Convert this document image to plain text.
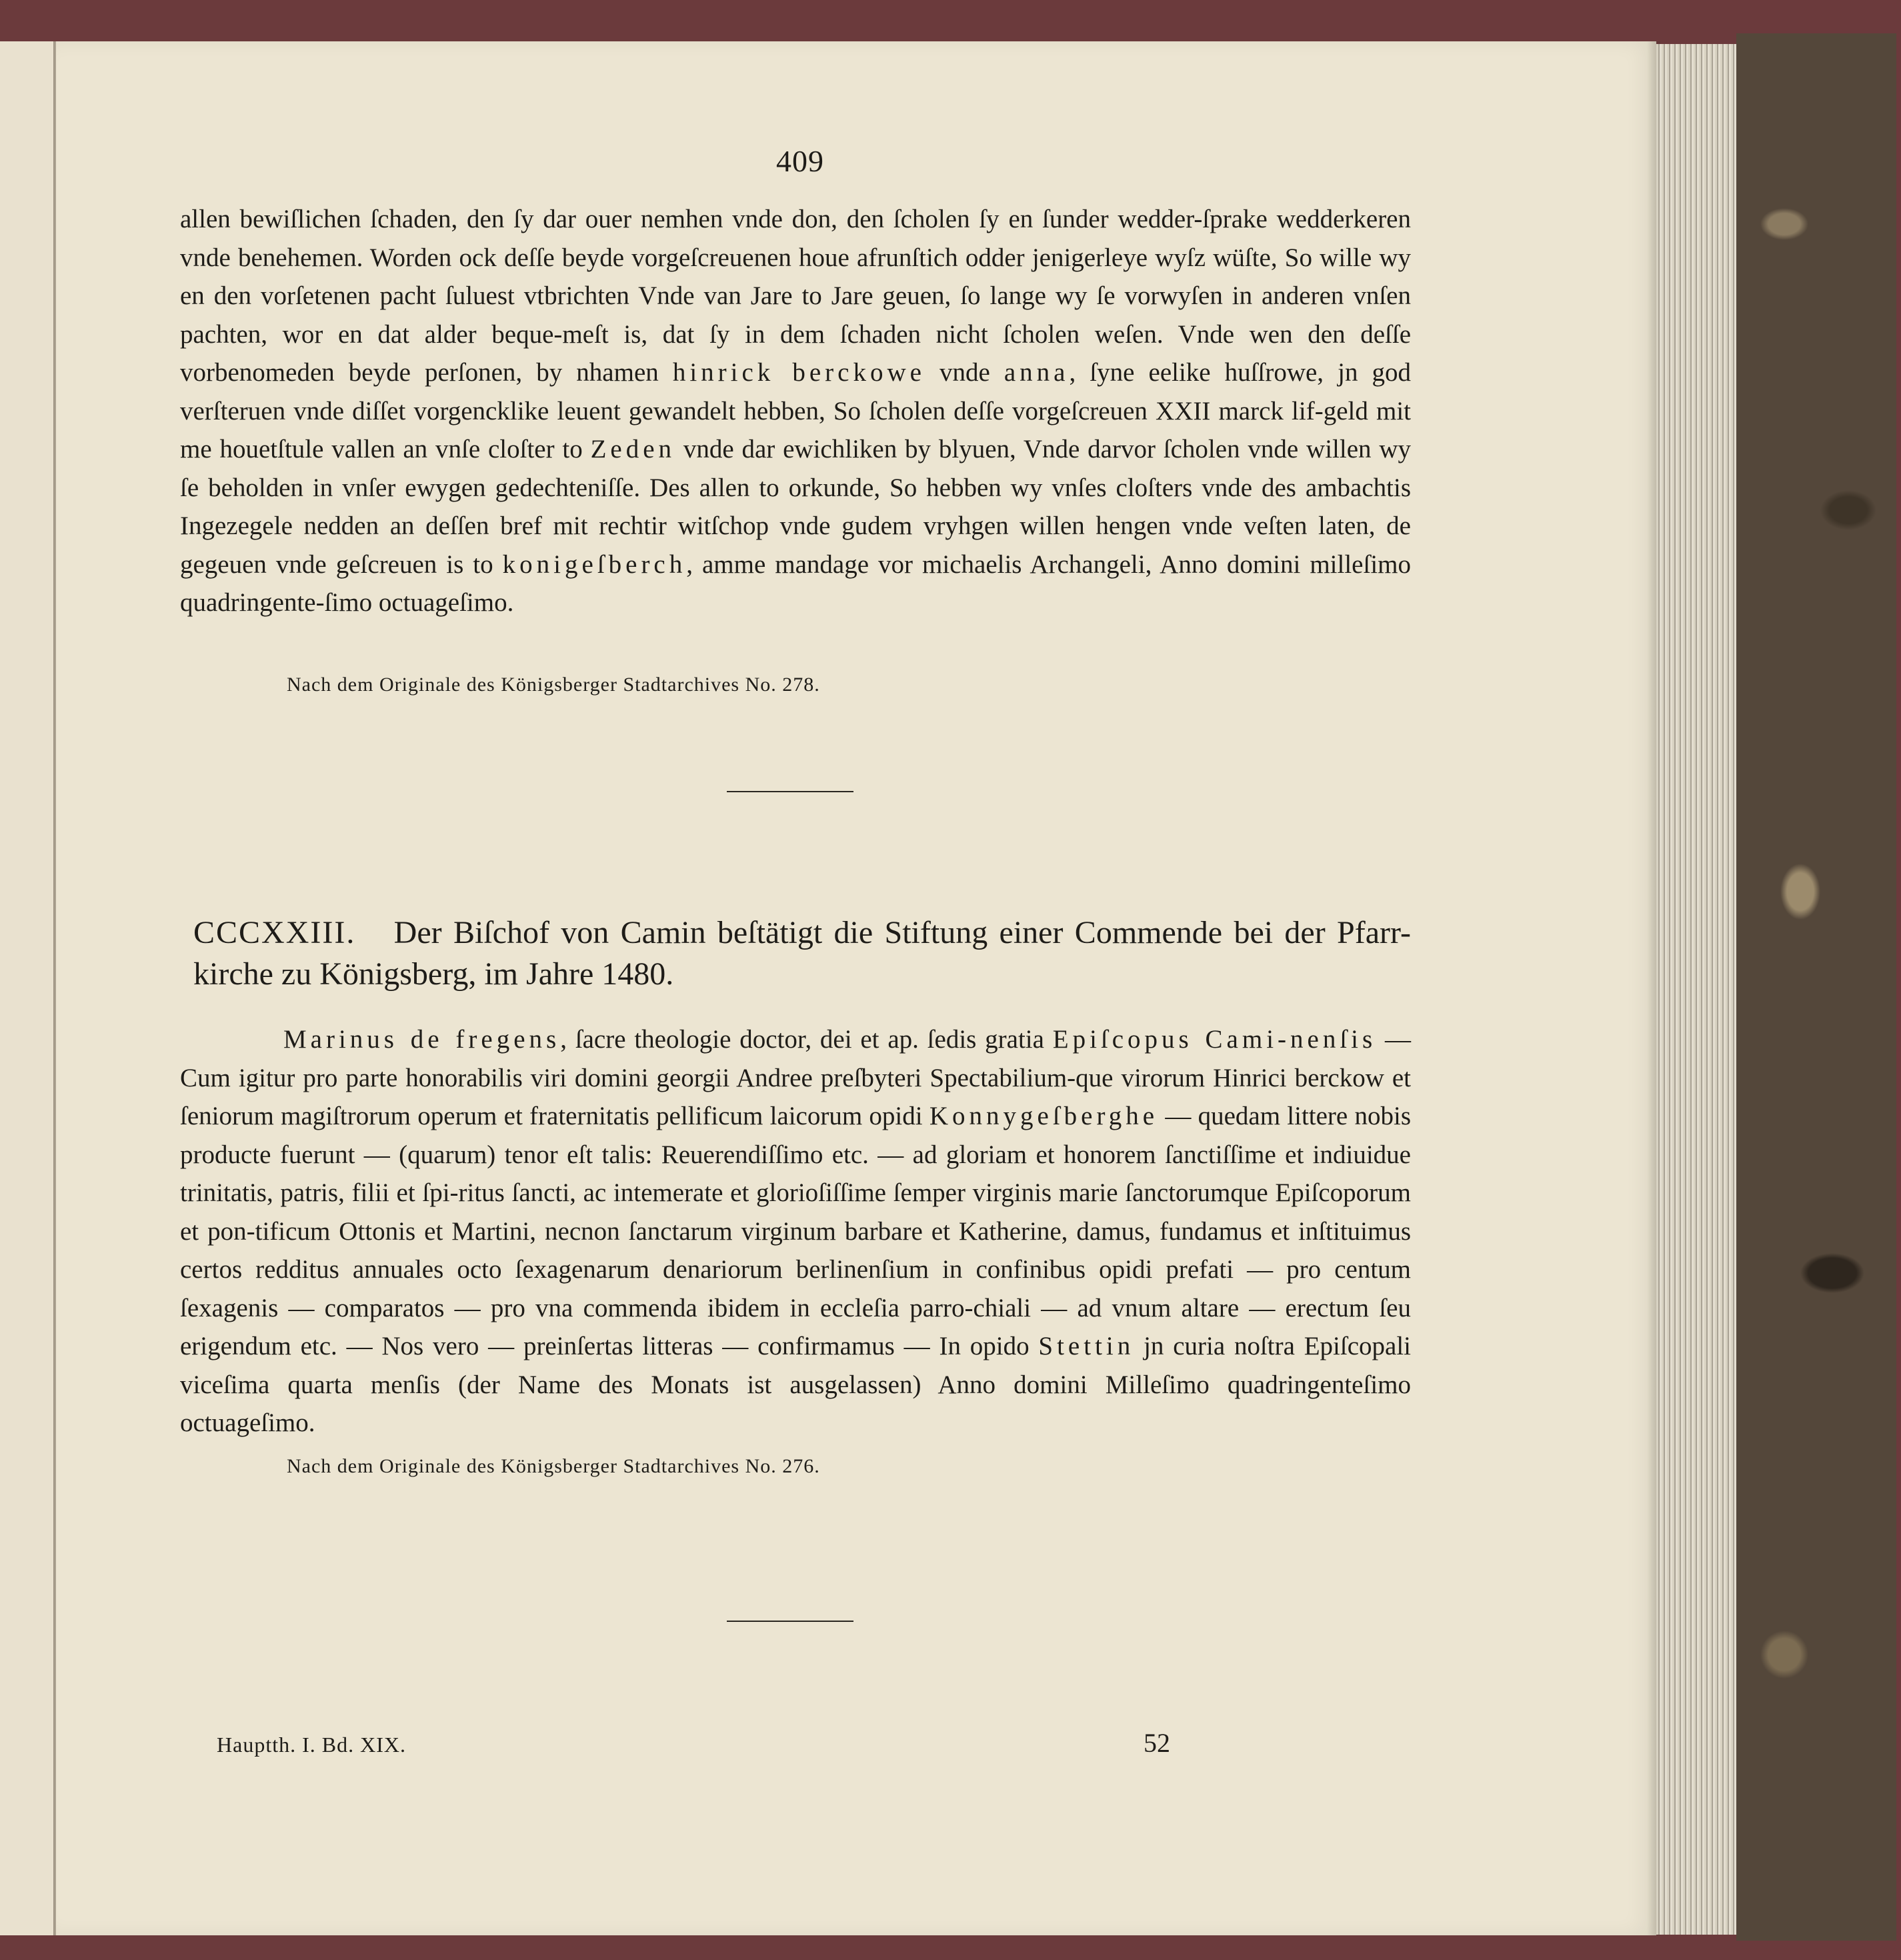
409

allen bewiſlichen ſchaden, den ſy dar ouer nemhen vnde don, den ſcholen ſy en ſunder wedder-ſprake wedderkeren vnde benehemen. Worden ock deſſe beyde vorgeſcreuenen houe afrunſtich odder jenigerleye wyſz wüſte, So wille wy en den vorſetenen pacht ſuluest vtbrichten Vnde van Jare to Jare geuen, ſo lange wy ſe vorwyſen in anderen vnſen pachten, wor en dat alder beque-meſt is, dat ſy in dem ſchaden nicht ſcholen weſen. Vnde wen den deſſe vorbenomeden beyde perſonen, by nhamen hinrick berckowe vnde anna, ſyne eelike huſſrowe, jn god verſteruen vnde diſſet vorgencklike leuent gewandelt hebben, So ſcholen deſſe vorgeſcreuen XXII marck lif-geld mit me houetſtule vallen an vnſe cloſter to Zeden vnde dar ewichliken by blyuen, Vnde darvor ſcholen vnde willen wy ſe beholden in vnſer ewygen gedechteniſſe. Des allen to orkunde, So hebben wy vnſes cloſters vnde des ambachtis Ingezegele nedden an deſſen bref mit rechtir witſchop vnde gudem vryhgen willen hengen vnde veſten laten, de gegeuen vnde geſcreuen is to konigeſberch, amme mandage vor michaelis Archangeli, Anno domini milleſimo quadringente-ſimo octuageſimo.

Nach dem Originale des Königsberger Stadtarchives No. 278.
CCCXXIII. Der Biſchof von Camin beſtätigt die Stiftung einer Commende bei der Pfarr-kirche zu Königsberg, im Jahre 1480.

Marinus de fregens, ſacre theologie doctor, dei et ap. ſedis gratia Epiſcopus Cami-nenſis — Cum igitur pro parte honorabilis viri domini georgii Andree preſbyteri Spectabilium-que virorum Hinrici berckow et ſeniorum magiſtrorum operum et fraternitatis pellificum laicorum opidi Konnygeſberghe — quedam littere nobis producte fuerunt — (quarum) tenor eſt talis: Reuerendiſſimo etc. — ad gloriam et honorem ſanctiſſime et indiuidue trinitatis, patris, filii et ſpi-ritus ſancti, ac intemerate et glorioſiſſime ſemper virginis marie ſanctorumque Epiſcoporum et pon-tificum Ottonis et Martini, necnon ſanctarum virginum barbare et Katherine, damus, fundamus et inſtituimus certos redditus annuales octo ſexagenarum denariorum berlinenſium in confinibus opidi prefati — pro centum ſexagenis — comparatos — pro vna commenda ibidem in eccleſia parro-chiali — ad vnum altare — erectum ſeu erigendum etc. — Nos vero — preinſertas litteras — confirmamus — In opido Stettin jn curia noſtra Epiſcopali viceſima quarta menſis (der Name des Monats ist ausgelassen) Anno domini Milleſimo quadringenteſimo octuageſimo.

Nach dem Originale des Königsberger Stadtarchives No. 276.
Hauptth. I. Bd. XIX.	52
